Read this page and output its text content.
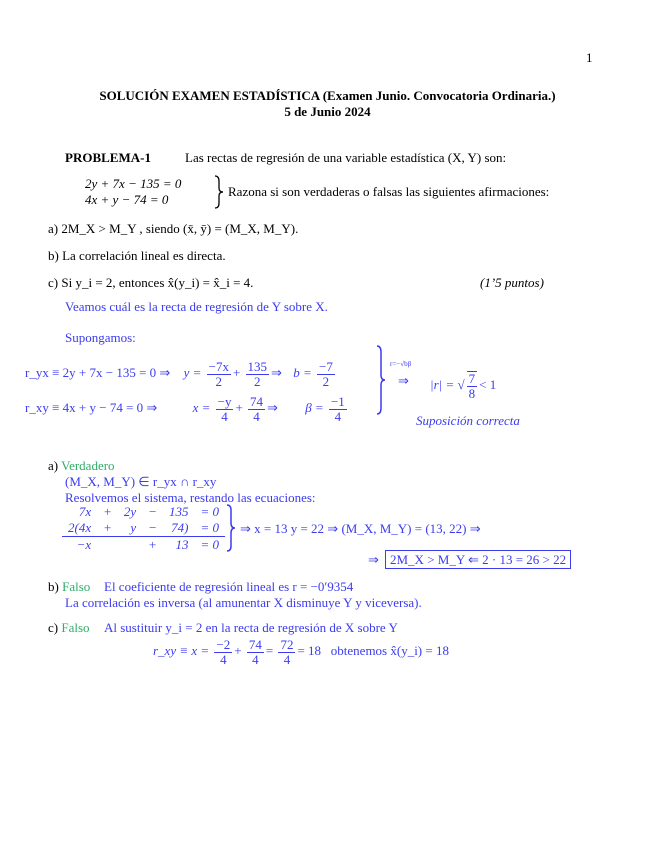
1
SOLUCIÓN EXAMEN ESTADÍSTICA (Examen Junio. Convocatoria Ordinaria.)
5 de Junio 2024
PROBLEMA-1	Las rectas de regresión de una variable estadística (X, Y) son:
2y + 7x − 135 = 0
4x + y − 74 = 0
Razona si son verdaderas o falsas las siguientes afirmaciones:
a) 2M_X > M_Y , siendo (x̄, ȳ) = (M_X, M_Y).
b) La correlación lineal es directa.
c) Si y_i = 2, entonces x̂(y_i) = x̂_i = 4.	(1’5 puntos)
Veamos cuál es la recta de regresión de Y sobre X.
Supongamos:
r_yx ≡ 2y + 7x − 135 = 0 ⇒ $y = \frac{-7x}{2} + \frac{135}{2}$ ⇒ $b = \frac{-7}{2}$
r_xy ≡ 4x + y − 74 = 0 ⇒	$x = \frac{-y}{4} + \frac{74}{4}$ ⇒ $\beta = \frac{-1}{4}$
r=−√bβ
⇒ |r| = √ $\frac{7}{8} < 1$
Suposición correcta
a) Verdadero
(M_X, M_Y) ∈ r_yx ∩ r_xy
Resolvemos el sistema, restando las ecuaciones:
7x	+	2y	−	135	= 0
2(4x	+	y	−	74)	= 0
−x			+	13	= 0
⇒ x = 13 y = 22 ⇒ (M_X, M_Y) = (13, 22) ⇒
⇒ 2M_X > M_Y ⇐ 2 · 13 = 26 > 22
b) Falso El coeficiente de regresión lineal es r = −0′9354
La correlación es inversa (al amunentar X disminuye Y y viceversa).
c) Falso Al sustituir y_i = 2 en la recta de regresión de X sobre Y
r_xy ≡ $x = \frac{-2}{4} + \frac{74}{4} = \frac{72}{4} = 18$ obtenemos x̂(y_i) = 18
